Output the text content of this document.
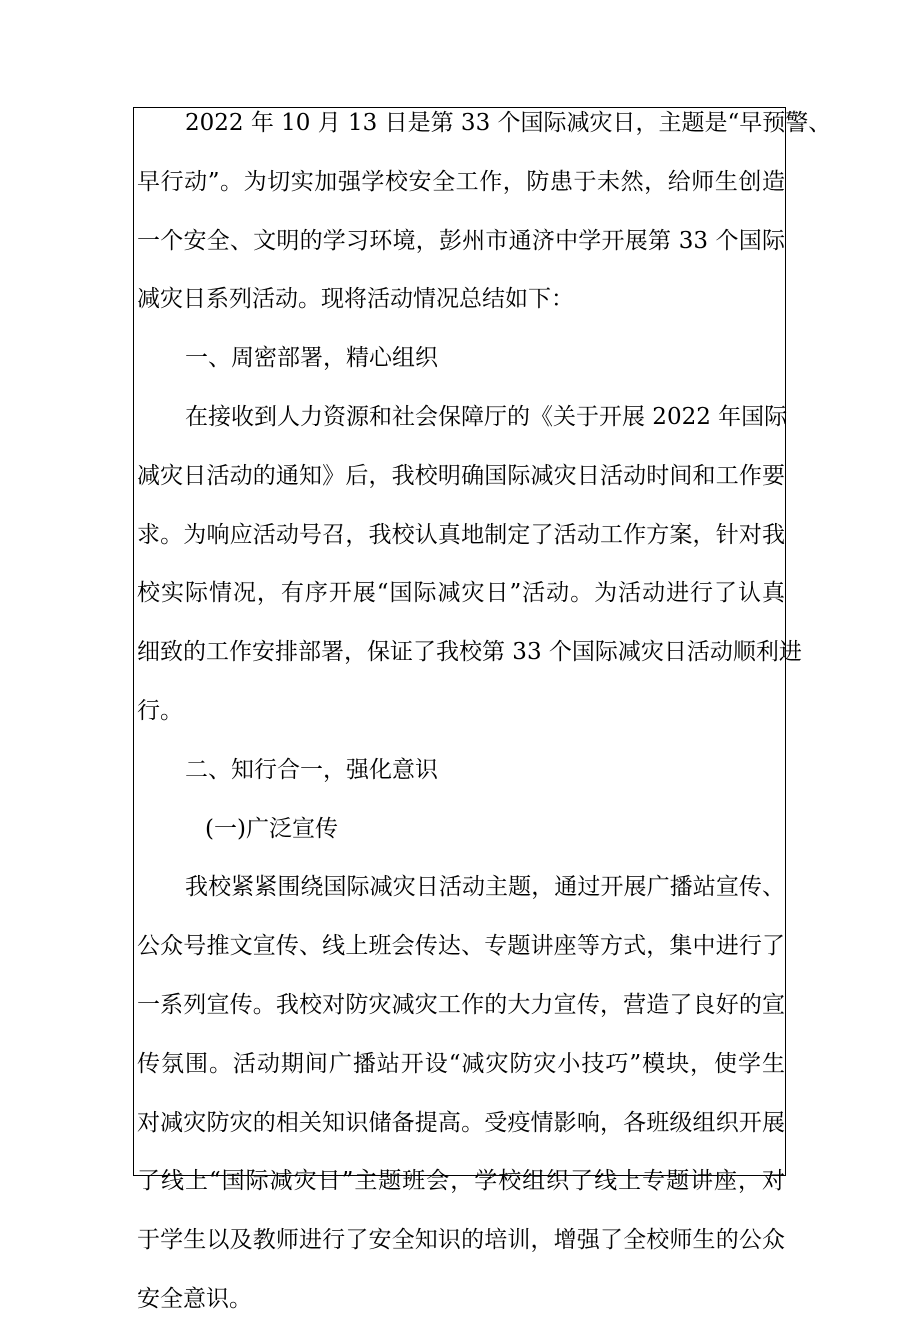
2022 年 10 月 13 日是第 33 个国际减灾日，主题是“早预警、
早行动”。为切实加强学校安全工作，防患于未然，给师生创造
一个安全、文明的学习环境，彭州市通济中学开展第 33 个国际
减灾日系列活动。现将活动情况总结如下：
一、周密部署，精心组织
在接收到人力资源和社会保障厅的《关于开展 2022 年国际
减灾日活动的通知》后，我校明确国际减灾日活动时间和工作要
求。为响应活动号召，我校认真地制定了活动工作方案，针对我
校实际情况，有序开展“国际减灾日”活动。为活动进行了认真
细致的工作安排部署，保证了我校第 33 个国际减灾日活动顺利进
行。
二、知行合一，强化意识
(一)广泛宣传
我校紧紧围绕国际减灾日活动主题，通过开展广播站宣传、
公众号推文宣传、线上班会传达、专题讲座等方式，集中进行了
一系列宣传。我校对防灾减灾工作的大力宣传，营造了良好的宣
传氛围。活动期间广播站开设“减灾防灾小技巧”模块，使学生
对减灾防灾的相关知识储备提高。受疫情影响，各班级组织开展
了线上“国际减灾日”主题班会，学校组织了线上专题讲座，对
于学生以及教师进行了安全知识的培训，增强了全校师生的公众
安全意识。
